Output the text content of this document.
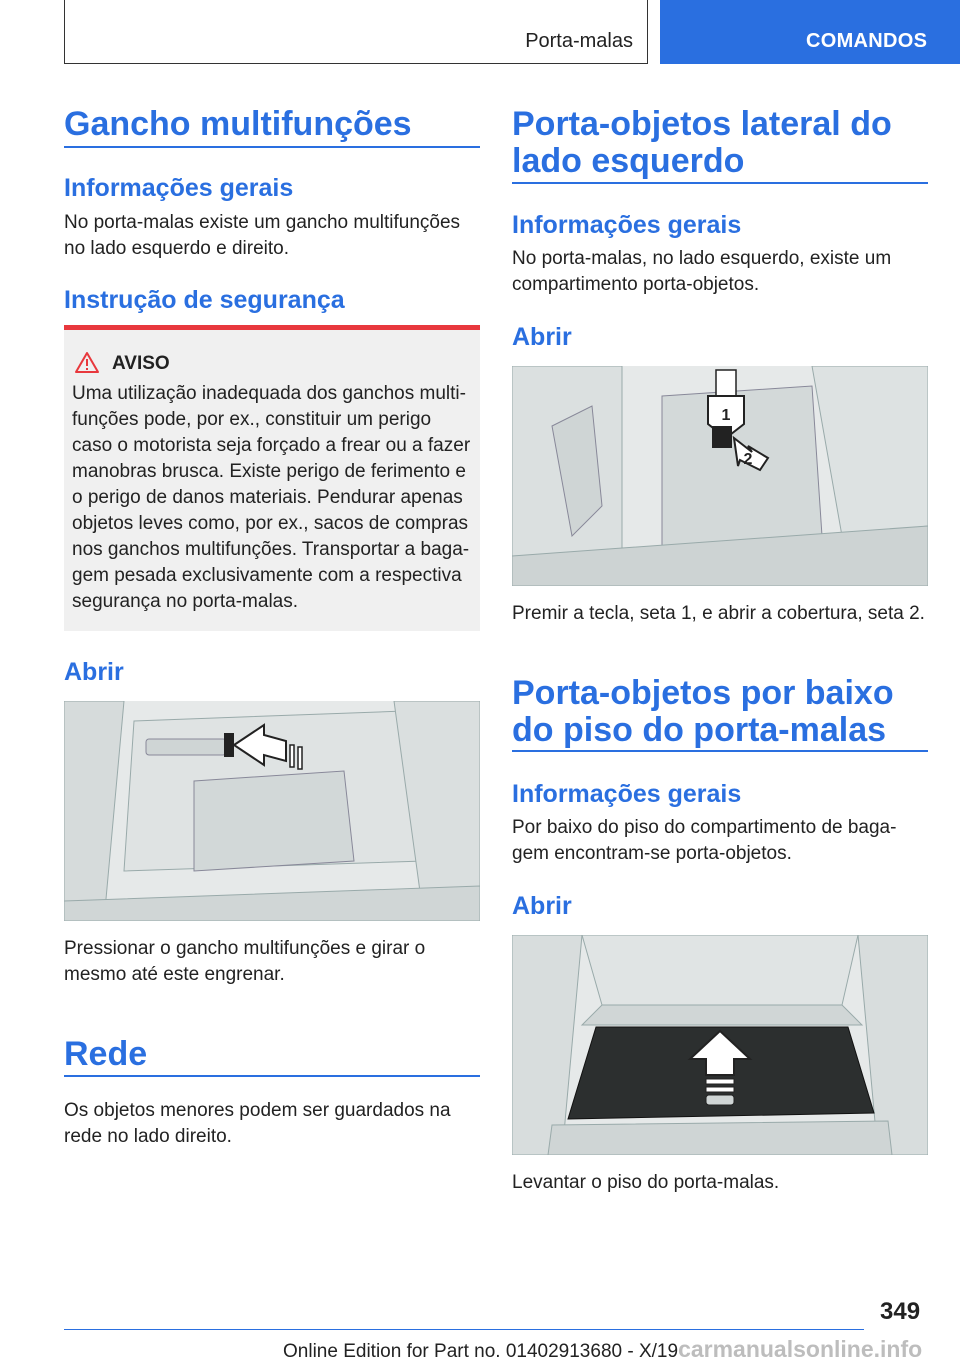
Porta-malas	COMANDOS
Gancho multifunções
Informações gerais
No porta-malas existe um gancho multifunções no lado esquerdo e direito.
Instrução de segurança
AVISO
Uma utilização inadequada dos ganchos multi-
funções pode, por ex., constituir um perigo
caso o motorista seja forçado a frear ou a fazer
manobras brusca. Existe perigo de ferimento e
o perigo de danos materiais. Pendurar apenas
objetos leves como, por ex., sacos de compras
nos ganchos multifunções. Transportar a baga-
gem pesada exclusivamente com a respectiva
segurança no porta-malas.
Abrir
Pressionar o gancho multifunções e girar o mesmo até este engrenar.
Rede
Os objetos menores podem ser guardados na rede no lado direito.
Porta-objetos lateral do lado esquerdo
Informações gerais
No porta-malas, no lado esquerdo, existe um compartimento porta-objetos.
Abrir
1
2
Premir a tecla, seta 1, e abrir a cobertura, seta 2.
Porta-objetos por baixo do piso do porta-malas
Informações gerais
Por baixo do piso do compartimento de baga-gem encontram-se porta-objetos.
Abrir
Levantar o piso do porta-malas.
349
Online Edition for Part no. 01402913680 - X/19carmanualsonline.info
